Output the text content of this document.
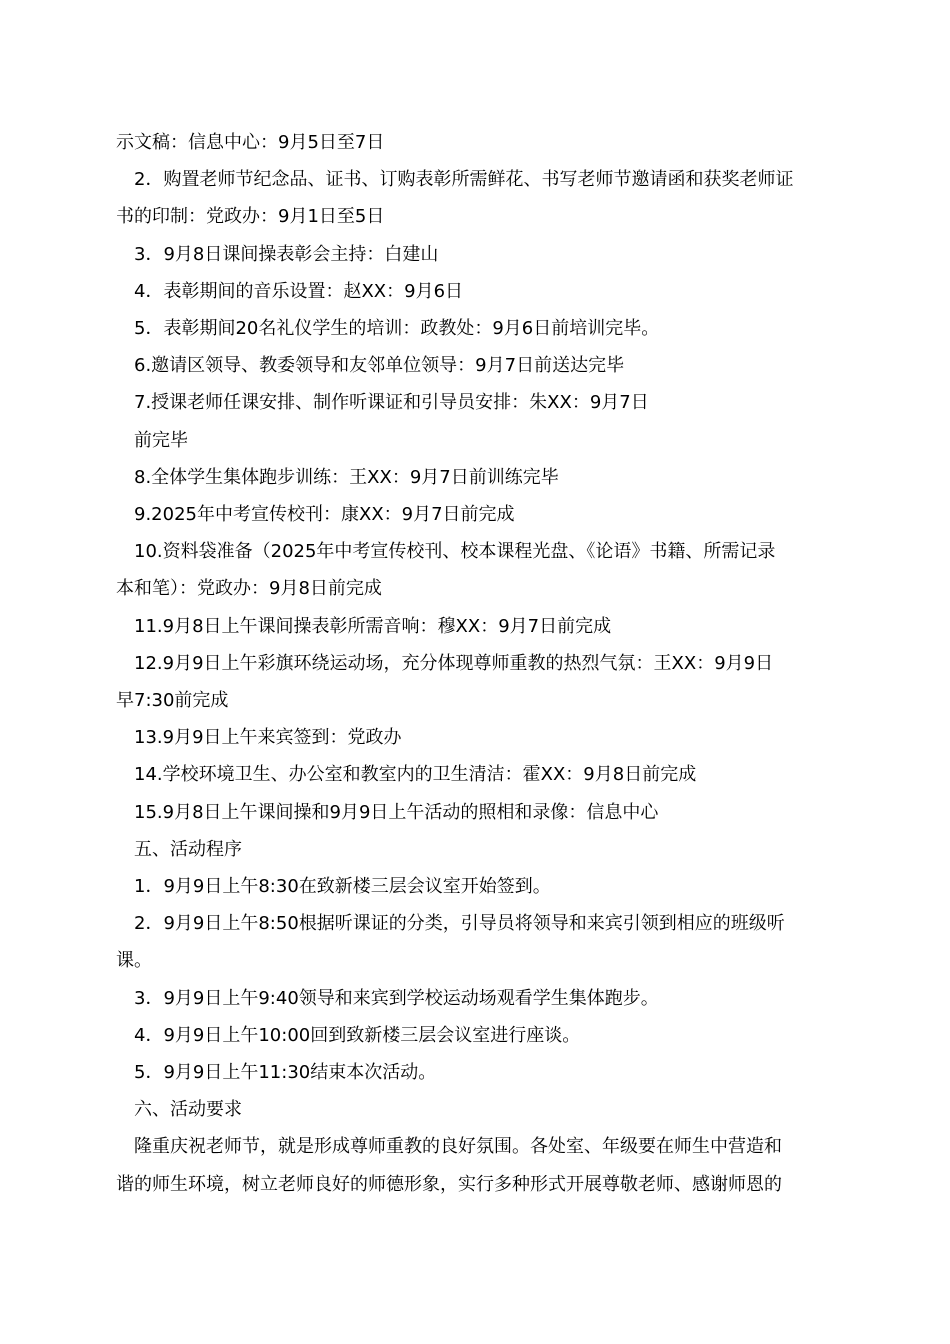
示文稿：信息中心：9月5日至7日
2．购置老师节纪念品、证书、订购表彰所需鲜花、书写老师节邀请函和获奖老师证
书的印制：党政办：9月1日至5日
3．9月8日课间操表彰会主持：白建山
4．表彰期间的音乐设置：赵XX：9月6日
5．表彰期间20名礼仪学生的培训：政教处：9月6日前培训完毕。
6.邀请区领导、教委领导和友邻单位领导：9月7日前送达完毕
7.授课老师任课安排、制作听课证和引导员安排：朱XX：9月7日
前完毕
8.全体学生集体跑步训练：王XX：9月7日前训练完毕
9.2025年中考宣传校刊：康XX：9月7日前完成
10.资料袋准备（2025年中考宣传校刊、校本课程光盘、《论语》书籍、所需记录
本和笔）：党政办：9月8日前完成
11.9月8日上午课间操表彰所需音响：穆XX：9月7日前完成
12.9月9日上午彩旗环绕运动场，充分体现尊师重教的热烈气氛：王XX：9月9日
早7:30前完成
13.9月9日上午来宾签到：党政办
14.学校环境卫生、办公室和教室内的卫生清洁：霍XX：9月8日前完成
15.9月8日上午课间操和9月9日上午活动的照相和录像：信息中心
五、活动程序
1．9月9日上午8:30在致新楼三层会议室开始签到。
2．9月9日上午8:50根据听课证的分类，引导员将领导和来宾引领到相应的班级听
课。
3．9月9日上午9:40领导和来宾到学校运动场观看学生集体跑步。
4．9月9日上午10:00回到致新楼三层会议室进行座谈。
5．9月9日上午11:30结束本次活动。
六、活动要求
隆重庆祝老师节，就是形成尊师重教的良好氛围。各处室、年级要在师生中营造和
谐的师生环境，树立老师良好的师德形象，实行多种形式开展尊敬老师、感谢师恩的
